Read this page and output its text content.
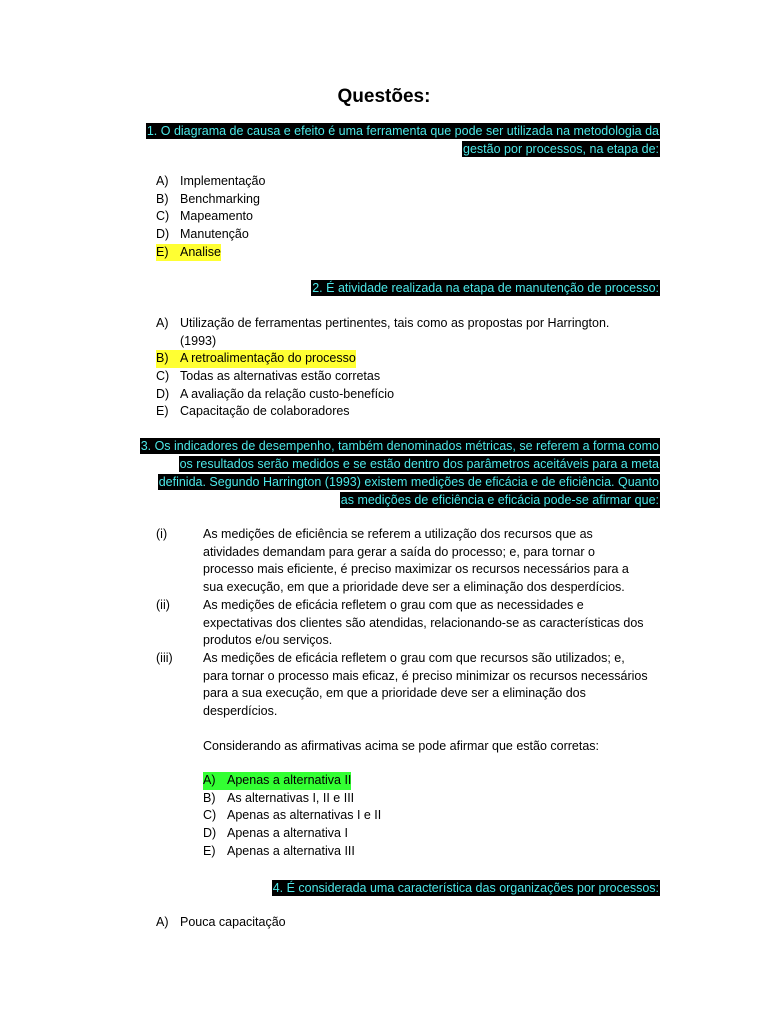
Questões:
1. O diagrama de causa e efeito é uma ferramenta que pode ser utilizada na metodologia da
gestão por processos, na etapa de:
A) Implementação
B) Benchmarking
C) Mapeamento
D) Manutenção
E) Analise
2. É atividade realizada na etapa de manutenção de processo:
A) Utilização de ferramentas pertinentes, tais como as propostas por Harrington.
(1993)
B) A retroalimentação do processo
C) Todas as alternativas estão corretas
D) A avaliação da relação custo-benefício
E) Capacitação de colaboradores
3. Os indicadores de desempenho, também denominados métricas, se referem a forma como
os resultados serão medidos e se estão dentro dos parâmetros aceitáveis para a meta
definida. Segundo Harrington (1993) existem medições de eficácia e de eficiência. Quanto
as medições de eficiência e eficácia pode-se afirmar que:
(i)	As medições de eficiência se referem a utilização dos recursos que as
atividades demandam para gerar a saída do processo; e, para tornar o
processo mais eficiente, é preciso maximizar os recursos necessários para a
sua execução, em que a prioridade deve ser a eliminação dos desperdícios.
(ii)	As medições de eficácia refletem o grau com que as necessidades e
expectativas dos clientes são atendidas, relacionando-se as características dos
produtos e/ou serviços.
(iii)	As medições de eficácia refletem o grau com que recursos são utilizados; e,
para tornar o processo mais eficaz, é preciso minimizar os recursos necessários
para a sua execução, em que a prioridade deve ser a eliminação dos
desperdícios.
Considerando as afirmativas acima se pode afirmar que estão corretas:
A) Apenas a alternativa II
B) As alternativas I, II e III
C) Apenas as alternativas I e II
D) Apenas a alternativa I
E) Apenas a alternativa III
4. É considerada uma característica das organizações por processos:
A) Pouca capacitação
